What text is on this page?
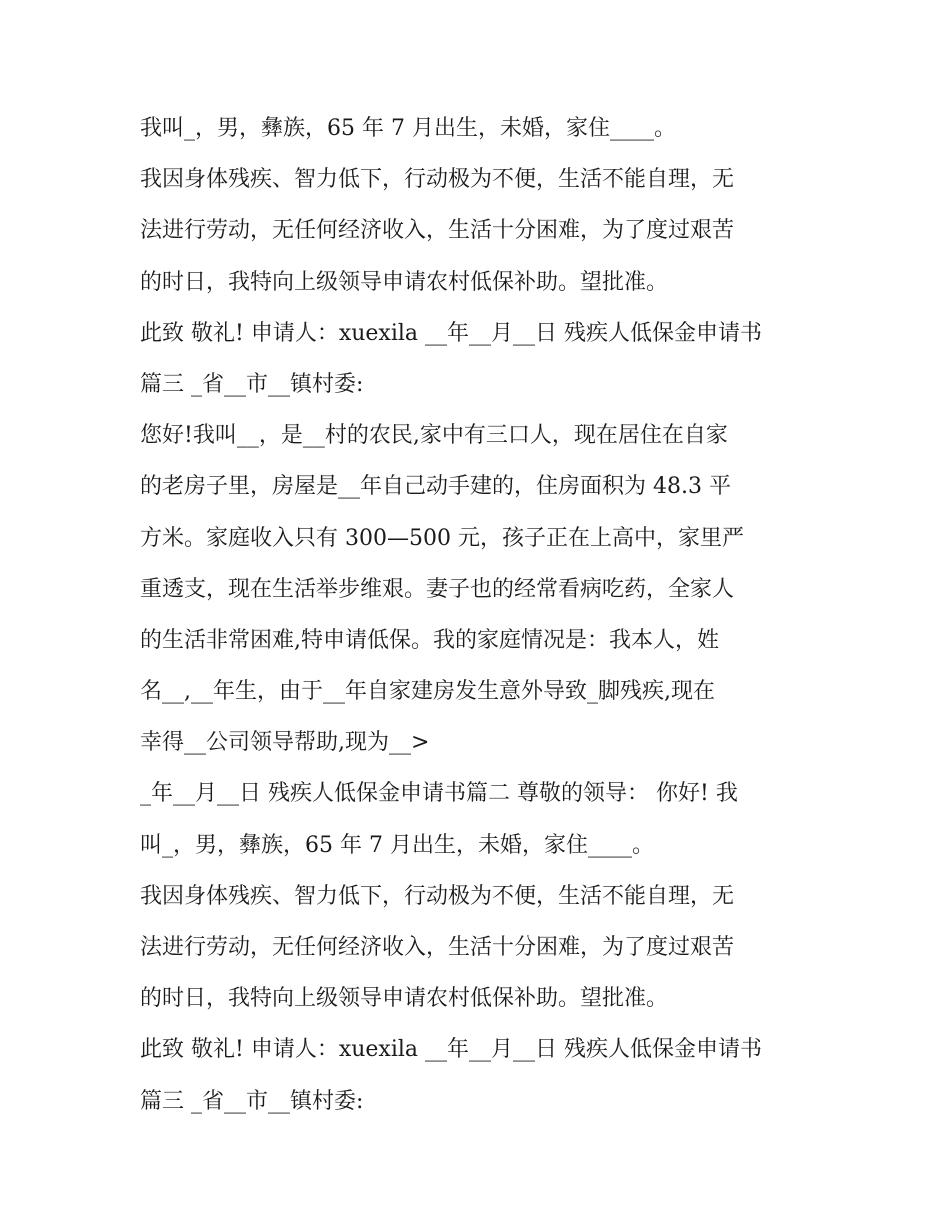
我叫_，男，彝族，65 年 7 月出生，未婚，家住____。
我因身体残疾、智力低下，行动极为不便，生活不能自理，无
法进行劳动，无任何经济收入，生活十分困难，为了度过艰苦
的时日，我特向上级领导申请农村低保补助。望批准。
此致 敬礼! 申请人：xuexila __年__月__日 残疾人低保金申请书
篇三 _省__市__镇村委:
您好!我叫__，是__村的农民,家中有三口人，现在居住在自家
的老房子里，房屋是__年自己动手建的，住房面积为 48.3 平
方米。家庭收入只有 300—500 元，孩子正在上高中，家里严
重透支，现在生活举步维艰。妻子也的经常看病吃药，全家人
的生活非常困难,特申请低保。我的家庭情况是：我本人，姓
名__,__年生，由于__年自家建房发生意外导致_脚残疾,现在
幸得__公司领导帮助,现为__>
_年__月__日 残疾人低保金申请书篇二 尊敬的领导： 你好! 我
叫_，男，彝族，65 年 7 月出生，未婚，家住____。
我因身体残疾、智力低下，行动极为不便，生活不能自理，无
法进行劳动，无任何经济收入，生活十分困难，为了度过艰苦
的时日，我特向上级领导申请农村低保补助。望批准。
此致 敬礼! 申请人：xuexila __年__月__日 残疾人低保金申请书
篇三 _省__市__镇村委:
